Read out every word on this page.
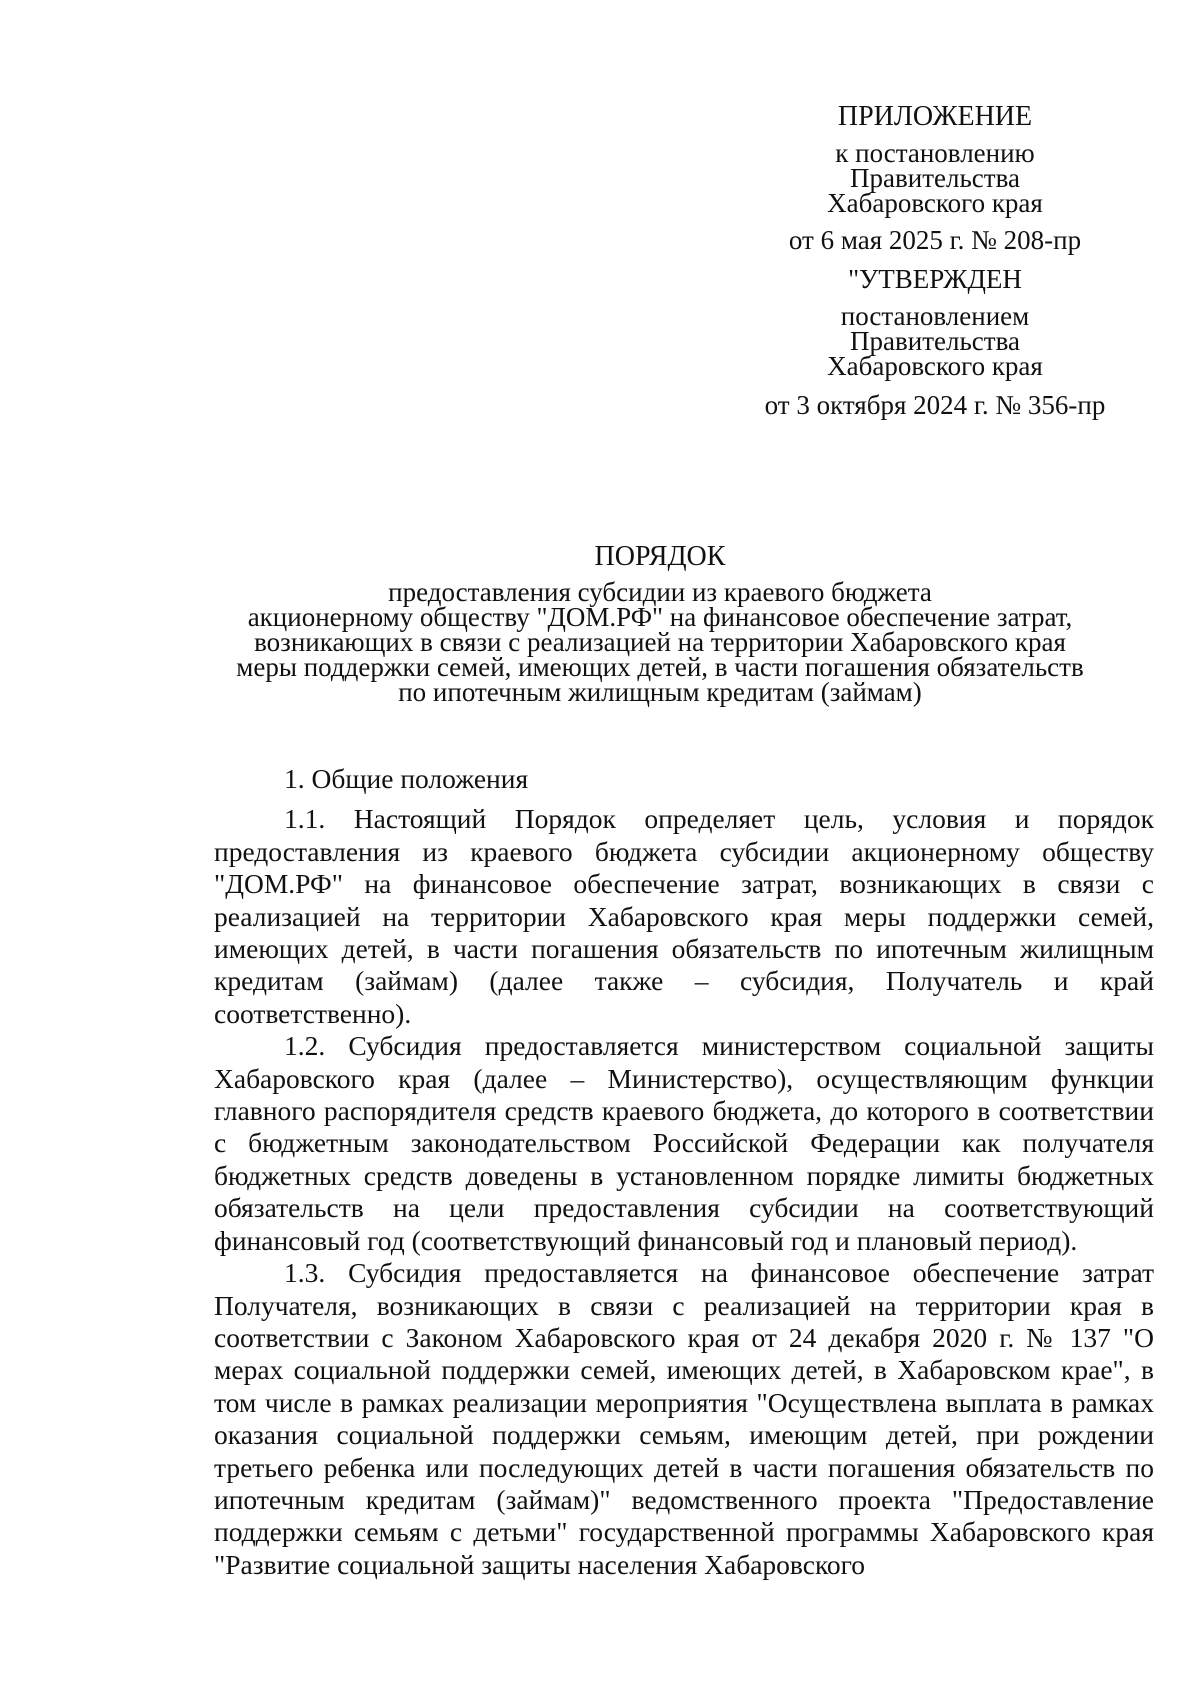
ПРИЛОЖЕНИЕ
к постановлению
Правительства
Хабаровского края
от 6 мая 2025 г. № 208-пр
"УТВЕРЖДЕН
постановлением
Правительства
Хабаровского края
от 3 октября 2024 г. № 356-пр
ПОРЯДОК
предоставления субсидии из краевого бюджета
акционерному обществу "ДОМ.РФ" на финансовое обеспечение затрат,
возникающих в связи с реализацией на территории Хабаровского края
меры поддержки семей, имеющих детей, в части погашения обязательств
по ипотечным жилищным кредитам (займам)

1. Общие положения

1.1. Настоящий Порядок определяет цель, условия и порядок предоставления из краевого бюджета субсидии акционерному обществу "ДОМ.РФ" на финансовое обеспечение затрат, возникающих в связи с реализацией на территории Хабаровского края меры поддержки семей, имеющих детей, в части погашения обязательств по ипотечным жилищным кредитам (займам) (далее также – субсидия, Получатель и край соответственно).

1.2. Субсидия предоставляется министерством социальной защиты Хабаровского края (далее – Министерство), осуществляющим функции главного распорядителя средств краевого бюджета, до которого в соответствии с бюджетным законодательством Российской Федерации как получателя бюджетных средств доведены в установленном порядке лимиты бюджетных обязательств на цели предоставления субсидии на соответствующий финансовый год (соответствующий финансовый год и плановый период).

1.3. Субсидия предоставляется на финансовое обеспечение затрат Получателя, возникающих в связи с реализацией на территории края в соответствии с Законом Хабаровского края от 24 декабря 2020 г. № 137 "О мерах социальной поддержки семей, имеющих детей, в Хабаровском крае", в том числе в рамках реализации мероприятия "Осуществлена выплата в рамках оказания социальной поддержки семьям, имеющим детей, при рождении третьего ребенка или последующих детей в части погашения обязательств по ипотечным кредитам (займам)" ведомственного проекта "Предоставление поддержки семьям с детьми" государственной программы Хабаровского края "Развитие социальной защиты населения Хабаровского
